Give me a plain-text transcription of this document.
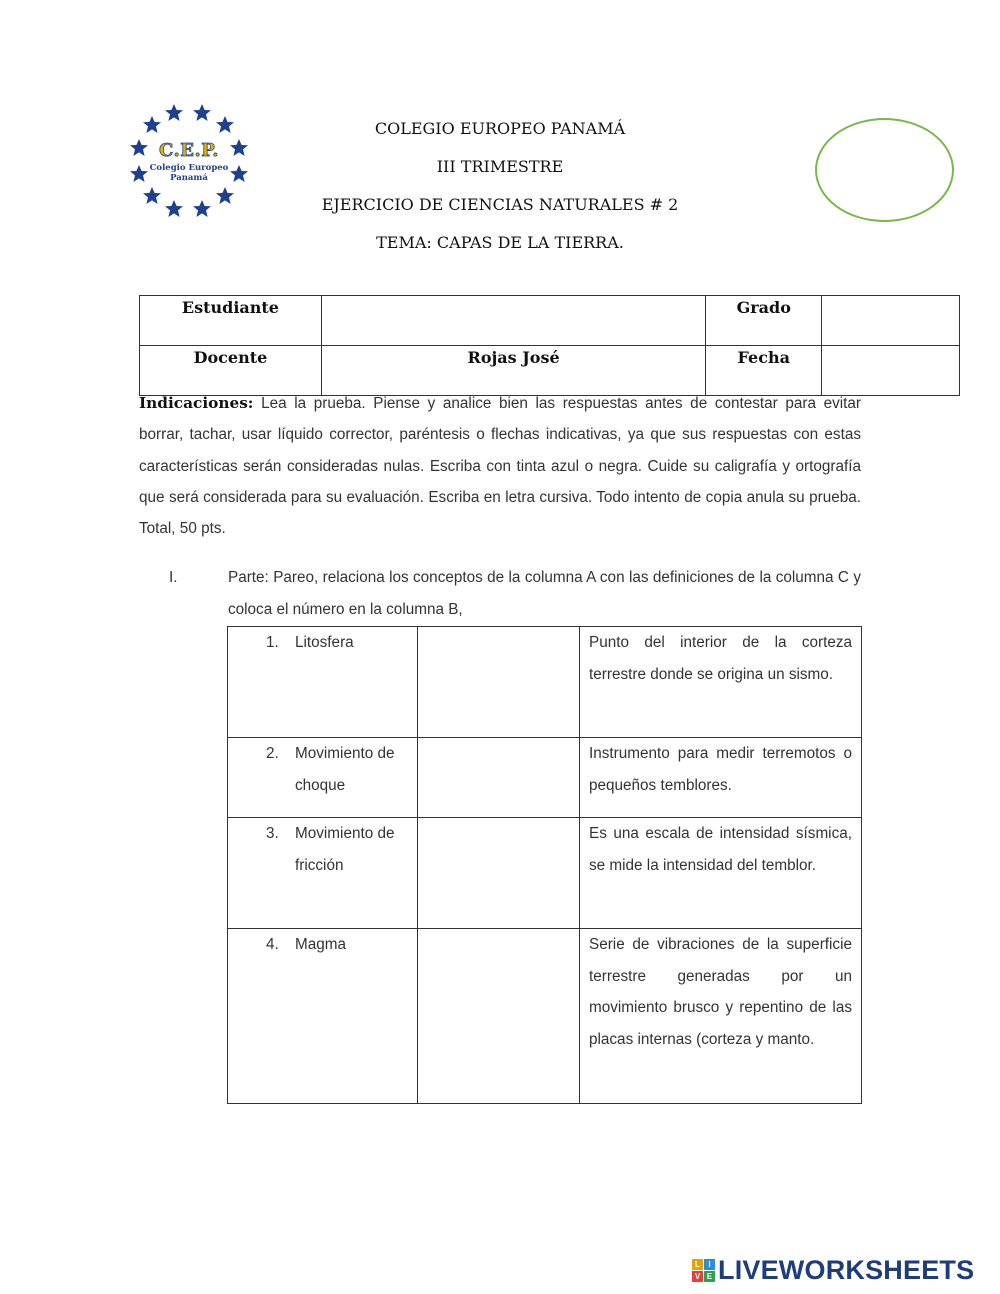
C.E.P.
Colegio Europeo
Panamá
COLEGIO EUROPEO PANAMÁ
III TRIMESTRE
EJERCICIO DE CIENCIAS NATURALES # 2
TEMA: CAPAS DE LA TIERRA.
Estudiante		Grado	
Docente	Rojas José	Fecha	
Indicaciones: Lea la prueba. Piense y analice bien las respuestas antes de contestar para evitar borrar, tachar, usar líquido corrector, paréntesis o flechas indicativas, ya que sus respuestas con estas características serán consideradas nulas. Escriba con tinta azul o negra. Cuide su caligrafía y ortografía que será considerada para su evaluación. Escriba en letra cursiva. Todo intento de copia anula su prueba. Total, 50 pts.
I.	Parte: Pareo, relaciona los conceptos de la columna A con las definiciones de la columna C y coloca el número en la columna B,
1. Litosfera		Punto del interior de la corteza terrestre donde se origina un sismo.

2. Movimiento de choque		Instrumento para medir terremotos o pequeños temblores.

3. Movimiento de fricción		Es una escala de intensidad sísmica, se mide la intensidad del temblor.

4. Magma		Serie de vibraciones de la superficie terrestre generadas por un movimiento brusco y repentino de las placas internas (corteza y manto.
L	I
V E LIVEWORKSHEETS
